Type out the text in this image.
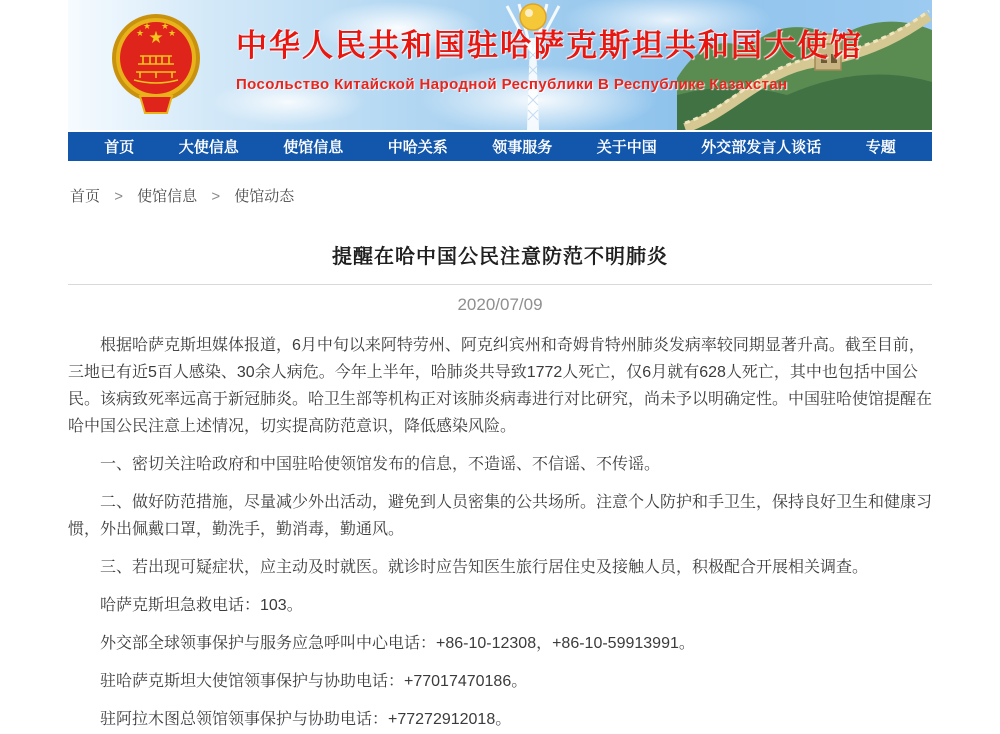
★
★	★
★ ★
中华人民共和国驻哈萨克斯坦共和国大使馆
Посольство Китайской Народной Республики В Республике Казахстан
首页	大使信息	使馆信息	中哈关系	领事服务	关于中国	外交部发言人谈话	专题
首页 > 使馆信息 > 使馆动态
提醒在哈中国公民注意防范不明肺炎
2020/07/09

根据哈萨克斯坦媒体报道，6月中旬以来阿特劳州、阿克纠宾州和奇姆肯特州肺炎发病率较同期显著升高。截至目前，三地已有近5百人感染、30余人病危。今年上半年，哈肺炎共导致1772人死亡，仅6月就有628人死亡，其中也包括中国公民。该病致死率远高于新冠肺炎。哈卫生部等机构正对该肺炎病毒进行对比研究，尚未予以明确定性。中国驻哈使馆提醒在哈中国公民注意上述情况，切实提高防范意识，降低感染风险。

一、密切关注哈政府和中国驻哈使领馆发布的信息，不造谣、不信谣、不传谣。

二、做好防范措施，尽量减少外出活动，避免到人员密集的公共场所。注意个人防护和手卫生，保持良好卫生和健康习惯，外出佩戴口罩，勤洗手，勤消毒，勤通风。

三、若出现可疑症状，应主动及时就医。就诊时应告知医生旅行居住史及接触人员，积极配合开展相关调查。

哈萨克斯坦急救电话：103。

外交部全球领事保护与服务应急呼叫中心电话：+86-10-12308，+86-10-59913991。

驻哈萨克斯坦大使馆领事保护与协助电话：+77017470186。

驻阿拉木图总领馆领事保护与协助电话：+77272912018。
